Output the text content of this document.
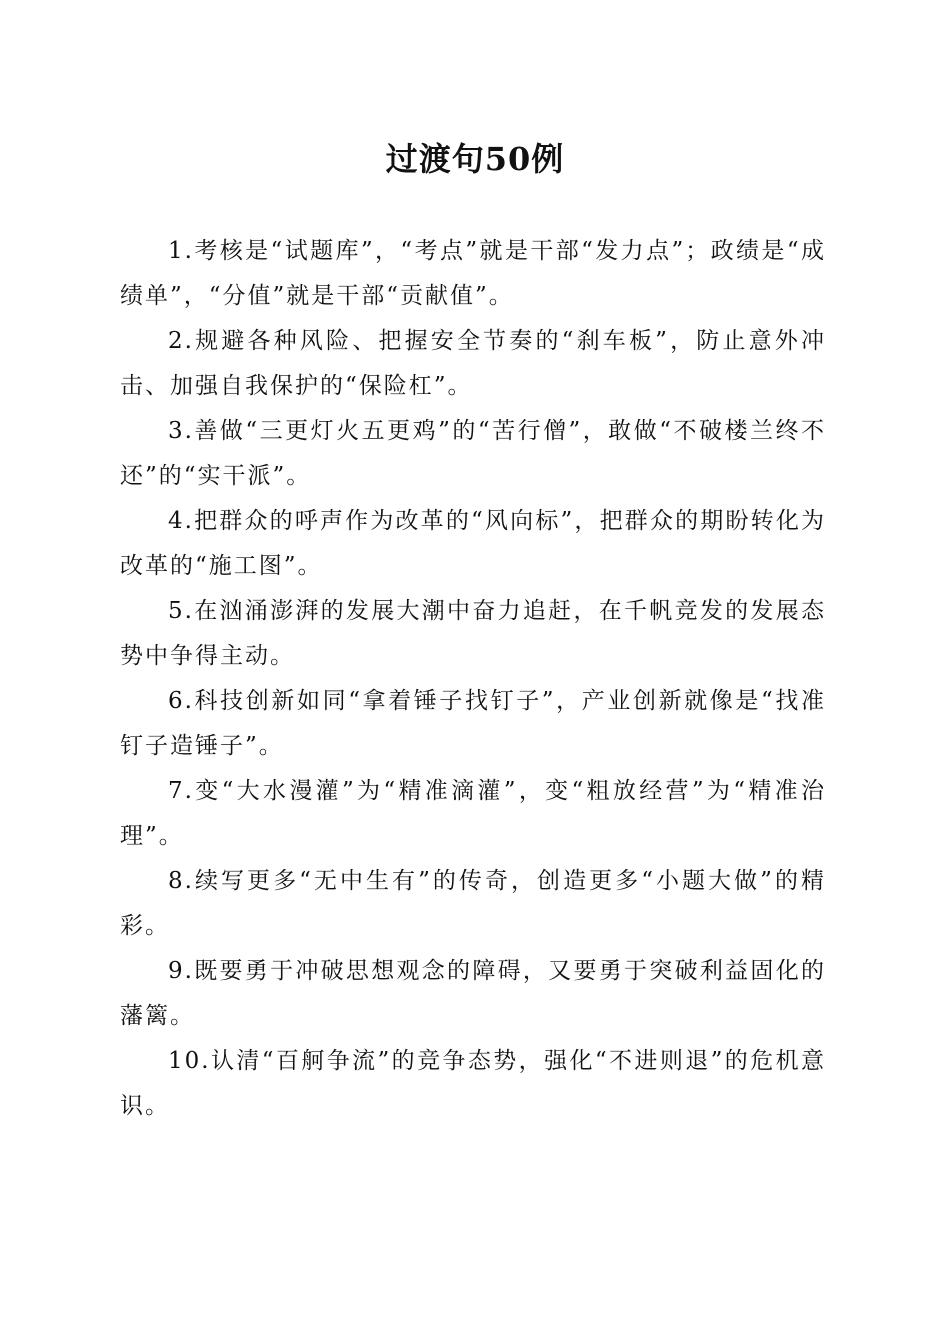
过渡句50例

1.考核是“试题库”，“考点”就是干部“发力点”；政绩是“成绩单”，“分值”就是干部“贡献值”。

2.规避各种风险、把握安全节奏的“刹车板”，防止意外冲击、加强自我保护的“保险杠”。

3.善做“三更灯火五更鸡”的“苦行僧”，敢做“不破楼兰终不还”的“实干派”。

4.把群众的呼声作为改革的“风向标”，把群众的期盼转化为改革的“施工图”。

5.在汹涌澎湃的发展大潮中奋力追赶，在千帆竞发的发展态势中争得主动。

6.科技创新如同“拿着锤子找钉子”，产业创新就像是“找准钉子造锤子”。

7.变“大水漫灌”为“精准滴灌”，变“粗放经营”为“精准治理”。

8.续写更多“无中生有”的传奇，创造更多“小题大做”的精彩。

9.既要勇于冲破思想观念的障碍，又要勇于突破利益固化的藩篱。

10.认清“百舸争流”的竞争态势，强化“不进则退”的危机意识。
